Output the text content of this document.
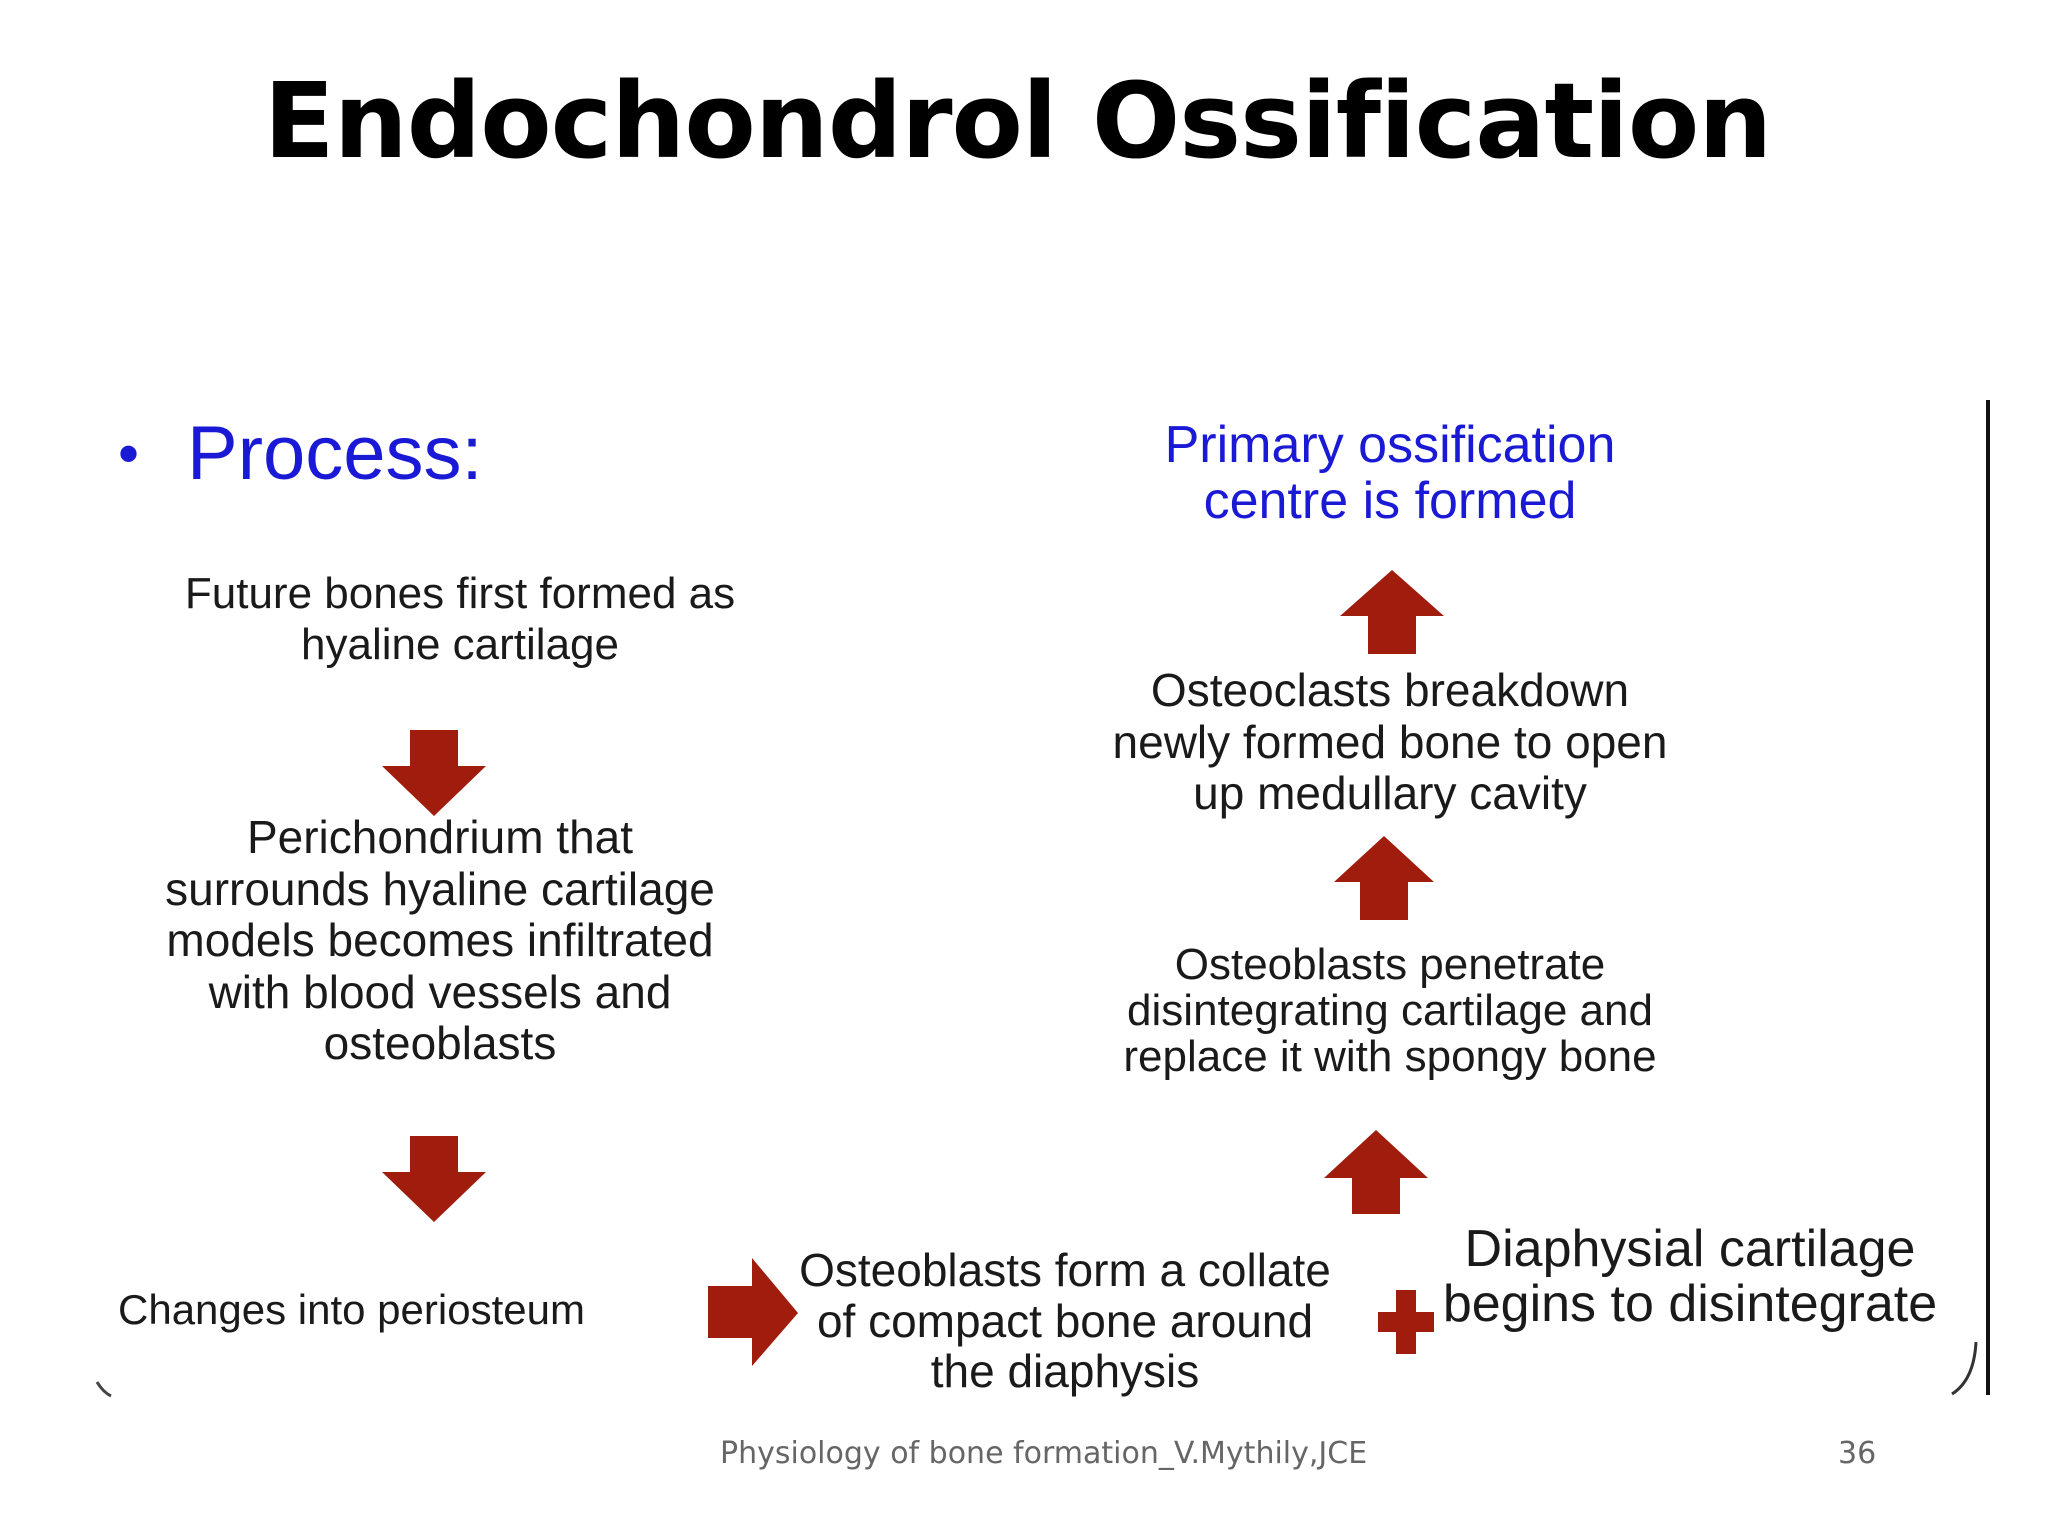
Endochondrol Ossification
• Process:
Future bones first formed as hyaline cartilage
Perichondrium that surrounds hyaline cartilage models becomes infiltrated with blood vessels and osteoblasts
Changes into periosteum
Osteoblasts form a collate of compact bone around the diaphysis
Diaphysial cartilage begins to disintegrate
Osteoblasts penetrate disintegrating cartilage and replace it with spongy bone
Osteoclasts breakdown newly formed bone to open up medullary cavity
Primary ossification centre is formed
Physiology of bone formation_V.Mythily,JCE	36
